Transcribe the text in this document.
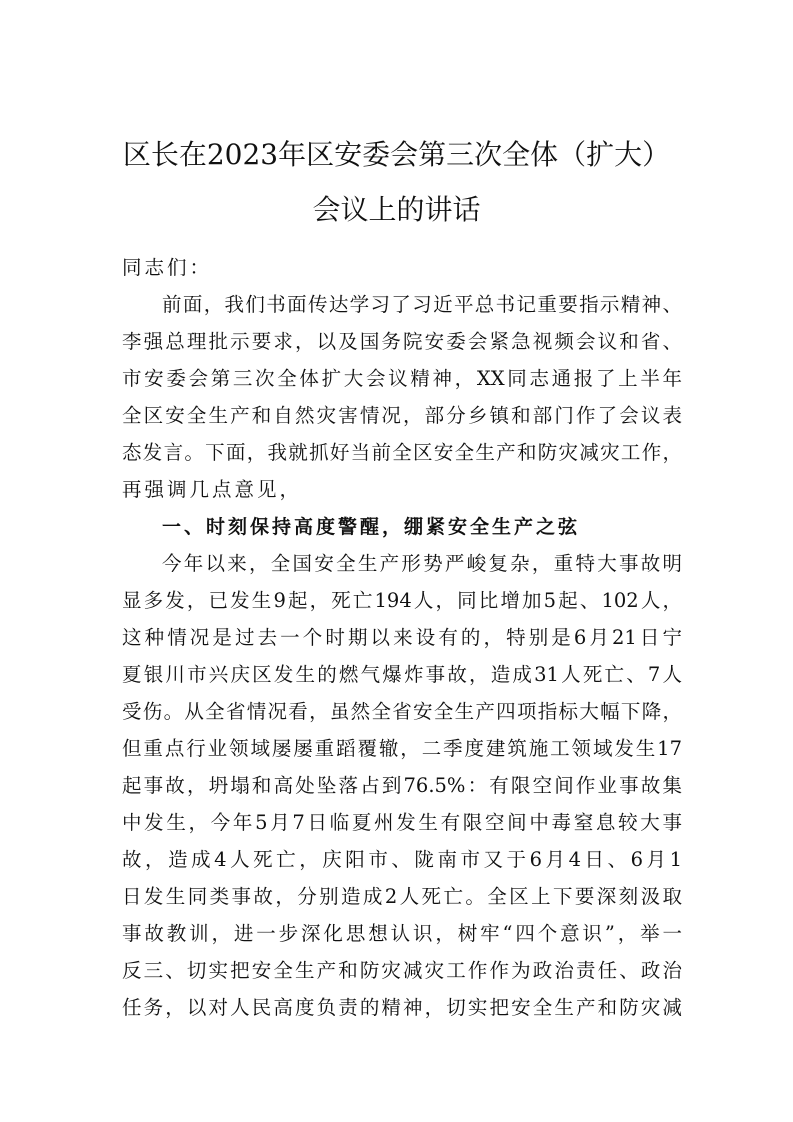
区长在2023年区安委会第三次全体（扩大）
会议上的讲话
同志们：
前面，我们书面传达学习了习近平总书记重要指示精神、
李强总理批示要求，以及国务院安委会紧急视频会议和省、
市安委会第三次全体扩大会议精神，XX同志通报了上半年
全区安全生产和自然灾害情况，部分乡镇和部门作了会议表
态发言。下面，我就抓好当前全区安全生产和防灾减灾工作，
再强调几点意见，
一、时刻保持高度警醒，绷紧安全生产之弦
今年以来，全国安全生产形势严峻复杂，重特大事故明
显多发，已发生9起，死亡194人，同比增加5起、102人，
这种情况是过去一个时期以来设有的，特别是6月21日宁
夏银川市兴庆区发生的燃气爆炸事故，造成31人死亡、7人
受伤。从全省情况看，虽然全省安全生产四项指标大幅下降，
但重点行业领域屡屡重蹈覆辙，二季度建筑施工领域发生17
起事故，坍塌和高处坠落占到76.5%：有限空间作业事故集
中发生，今年5月7日临夏州发生有限空间中毒窒息较大事
故，造成4人死亡，庆阳市、陇南市又于6月4日、6月1
日发生同类事故，分别造成2人死亡。全区上下要深刻汲取
事故教训，进一步深化思想认识，树牢“四个意识”，举一
反三、切实把安全生产和防灾减灾工作作为政治责任、政治
任务，以对人民高度负责的精神，切实把安全生产和防灾减
